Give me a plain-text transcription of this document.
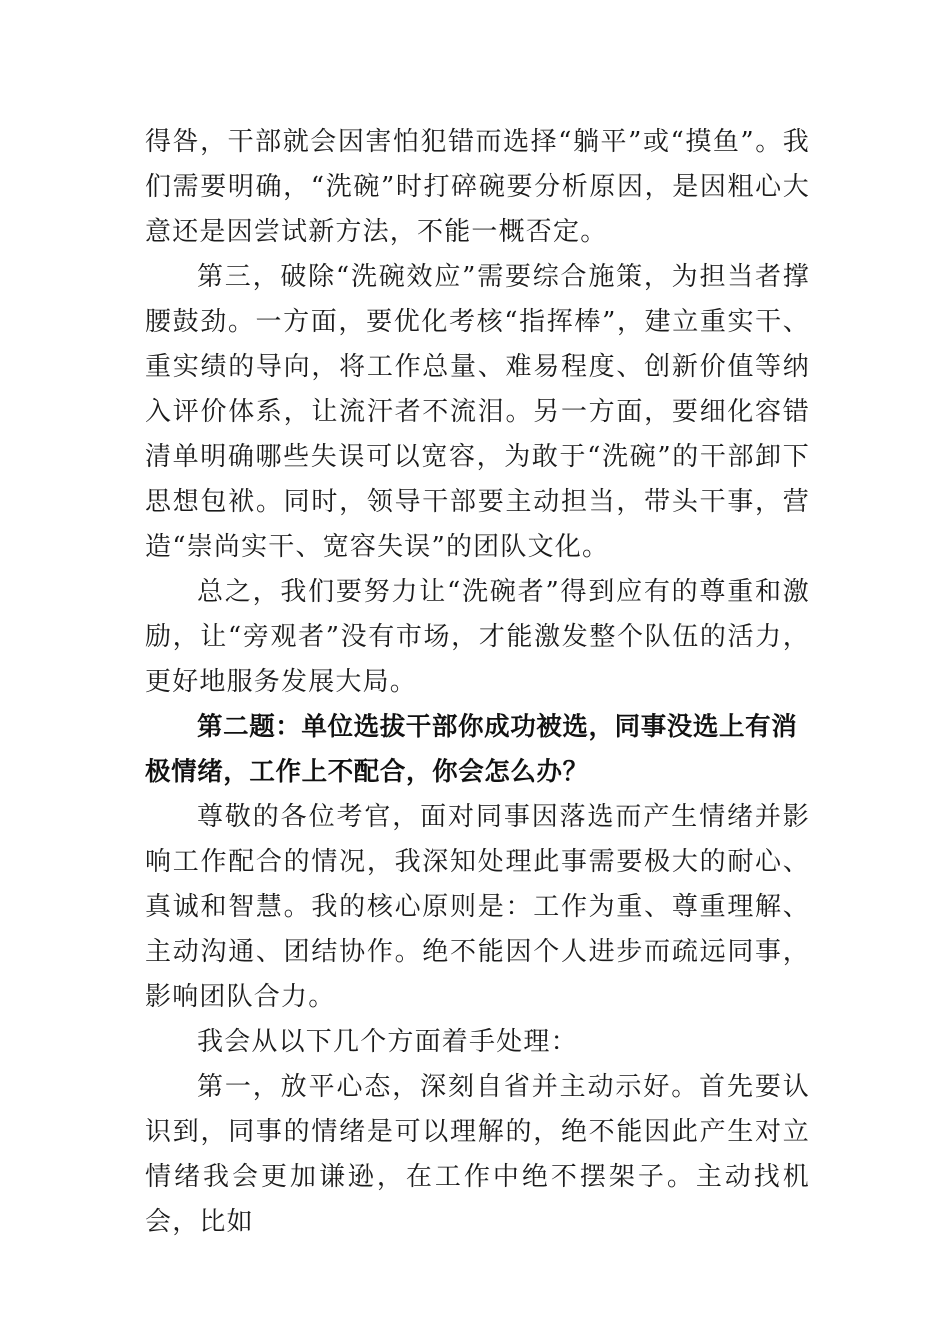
得咎，干部就会因害怕犯错而选择“躺平”或“摸鱼”。我们需要明确，“洗碗”时打碎碗要分析原因，是因粗心大意还是因尝试新方法，不能一概否定。

第三，破除“洗碗效应”需要综合施策，为担当者撑腰鼓劲。一方面，要优化考核“指挥棒”，建立重实干、重实绩的导向，将工作总量、难易程度、创新价值等纳入评价体系，让流汗者不流泪。另一方面，要细化容错清单明确哪些失误可以宽容，为敢于“洗碗”的干部卸下思想包袱。同时，领导干部要主动担当，带头干事，营造“崇尚实干、宽容失误”的团队文化。

总之，我们要努力让“洗碗者”得到应有的尊重和激励，让“旁观者”没有市场，才能激发整个队伍的活力，更好地服务发展大局。

第二题：单位选拔干部你成功被选，同事没选上有消极情绪，工作上不配合，你会怎么办？

尊敬的各位考官，面对同事因落选而产生情绪并影响工作配合的情况，我深知处理此事需要极大的耐心、真诚和智慧。我的核心原则是：工作为重、尊重理解、主动沟通、团结协作。绝不能因个人进步而疏远同事，影响团队合力。

我会从以下几个方面着手处理：

第一，放平心态，深刻自省并主动示好。首先要认识到，同事的情绪是可以理解的，绝不能因此产生对立情绪我会更加谦逊，在工作中绝不摆架子。主动找机会，比如
